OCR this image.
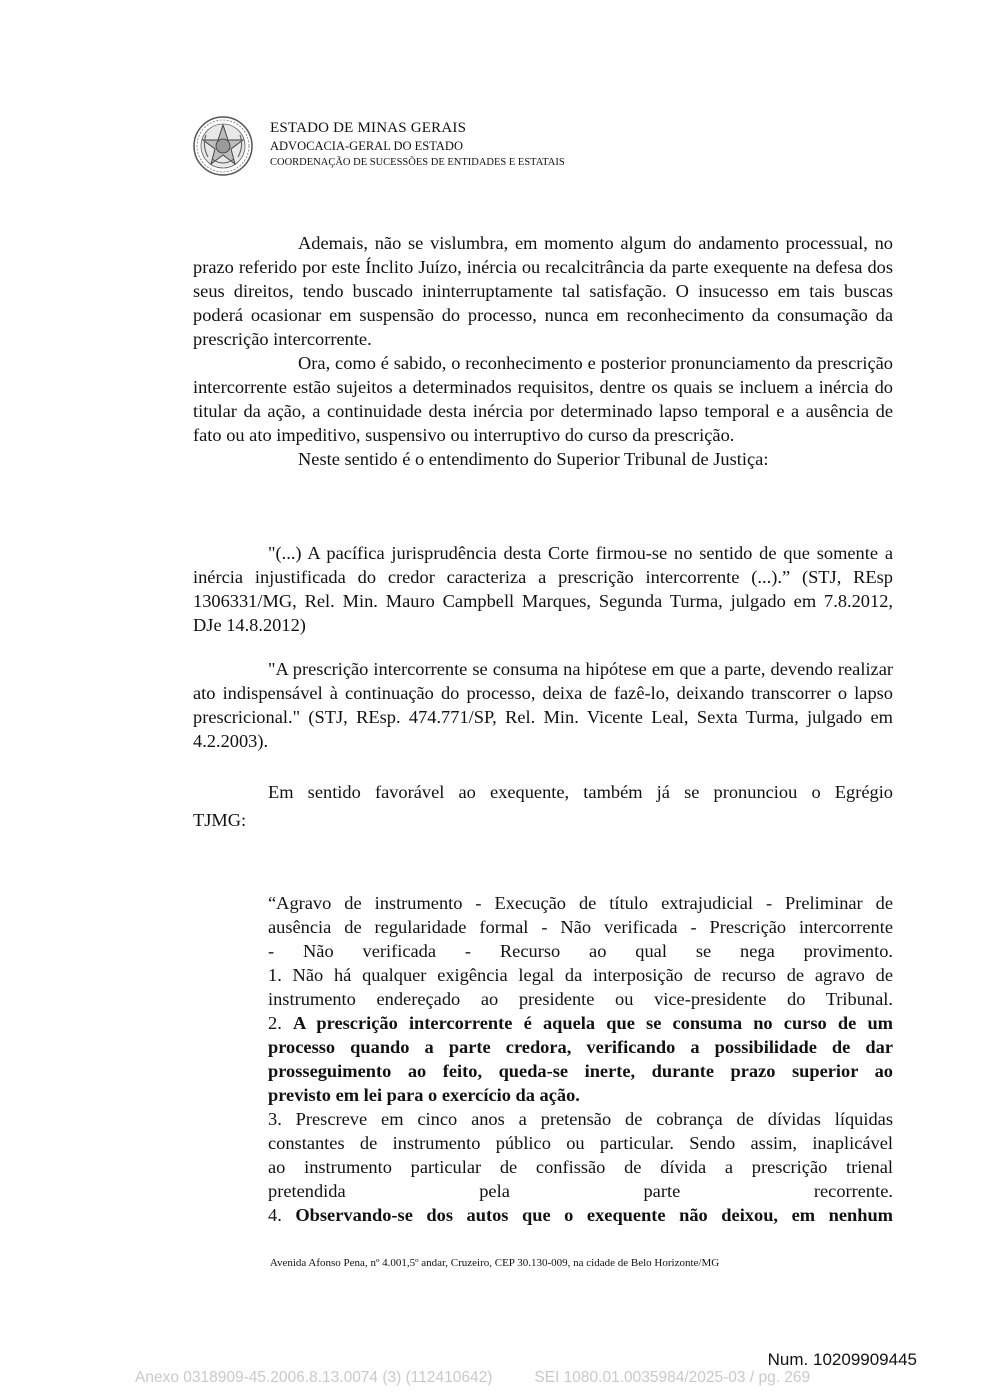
ESTADO DE MINAS GERAIS
ADVOCACIA-GERAL DO ESTADO
COORDENAÇÃO DE SUCESSÕES DE ENTIDADES E ESTATAIS

Ademais, não se vislumbra, em momento algum do andamento processual, no prazo referido por este Ínclito Juízo, inércia ou recalcitrância da parte exequente na defesa dos seus direitos, tendo buscado ininterruptamente tal satisfação. O insucesso em tais buscas poderá ocasionar em suspensão do processo, nunca em reconhecimento da consumação da prescrição intercorrente.

Ora, como é sabido, o reconhecimento e posterior pronunciamento da prescrição intercorrente estão sujeitos a determinados requisitos, dentre os quais se incluem a inércia do titular da ação, a continuidade desta inércia por determinado lapso temporal e a ausência de fato ou ato impeditivo, suspensivo ou interruptivo do curso da prescrição.

Neste sentido é o entendimento do Superior Tribunal de Justiça:

"(...) A pacífica jurisprudência desta Corte firmou-se no sentido de que somente a inércia injustificada do credor caracteriza a prescrição intercorrente (...).” (STJ, REsp 1306331/MG, Rel. Min. Mauro Campbell Marques, Segunda Turma, julgado em 7.8.2012, DJe 14.8.2012)

"A prescrição intercorrente se consuma na hipótese em que a parte, devendo realizar ato indispensável à continuação do processo, deixa de fazê-lo, deixando transcorrer o lapso prescricional." (STJ, REsp. 474.771/SP, Rel. Min. Vicente Leal, Sexta Turma, julgado em 4.2.2003).

Em sentido favorável ao exequente, também já se pronunciou o Egrégio
TJMG:
“Agravo de instrumento - Execução de título extrajudicial - Preliminar de
ausência de regularidade formal - Não verificada - Prescrição intercorrente
- Não verificada - Recurso ao qual se nega provimento.
1. Não há qualquer exigência legal da interposição de recurso de agravo de
instrumento endereçado ao presidente ou vice-presidente do Tribunal.
2. A prescrição intercorrente é aquela que se consuma no curso de um
processo quando a parte credora, verificando a possibilidade de dar
prosseguimento ao feito, queda-se inerte, durante prazo superior ao
previsto em lei para o exercício da ação.
3. Prescreve em cinco anos a pretensão de cobrança de dívidas líquidas
constantes de instrumento público ou particular. Sendo assim, inaplicável
ao instrumento particular de confissão de dívida a prescrição trienal
pretendida pela parte recorrente.
4. Observando-se dos autos que o exequente não deixou, em nenhum
Avenida Afonso Pena, nº 4.001,5º andar, Cruzeiro, CEP 30.130-009, na cidade de Belo Horizonte/MG
Num. 10209909445
Anexo 0318909-45.2006.8.13.0074 (3) (112410642)	SEI 1080.01.0035984/2025-03 / pg. 269
